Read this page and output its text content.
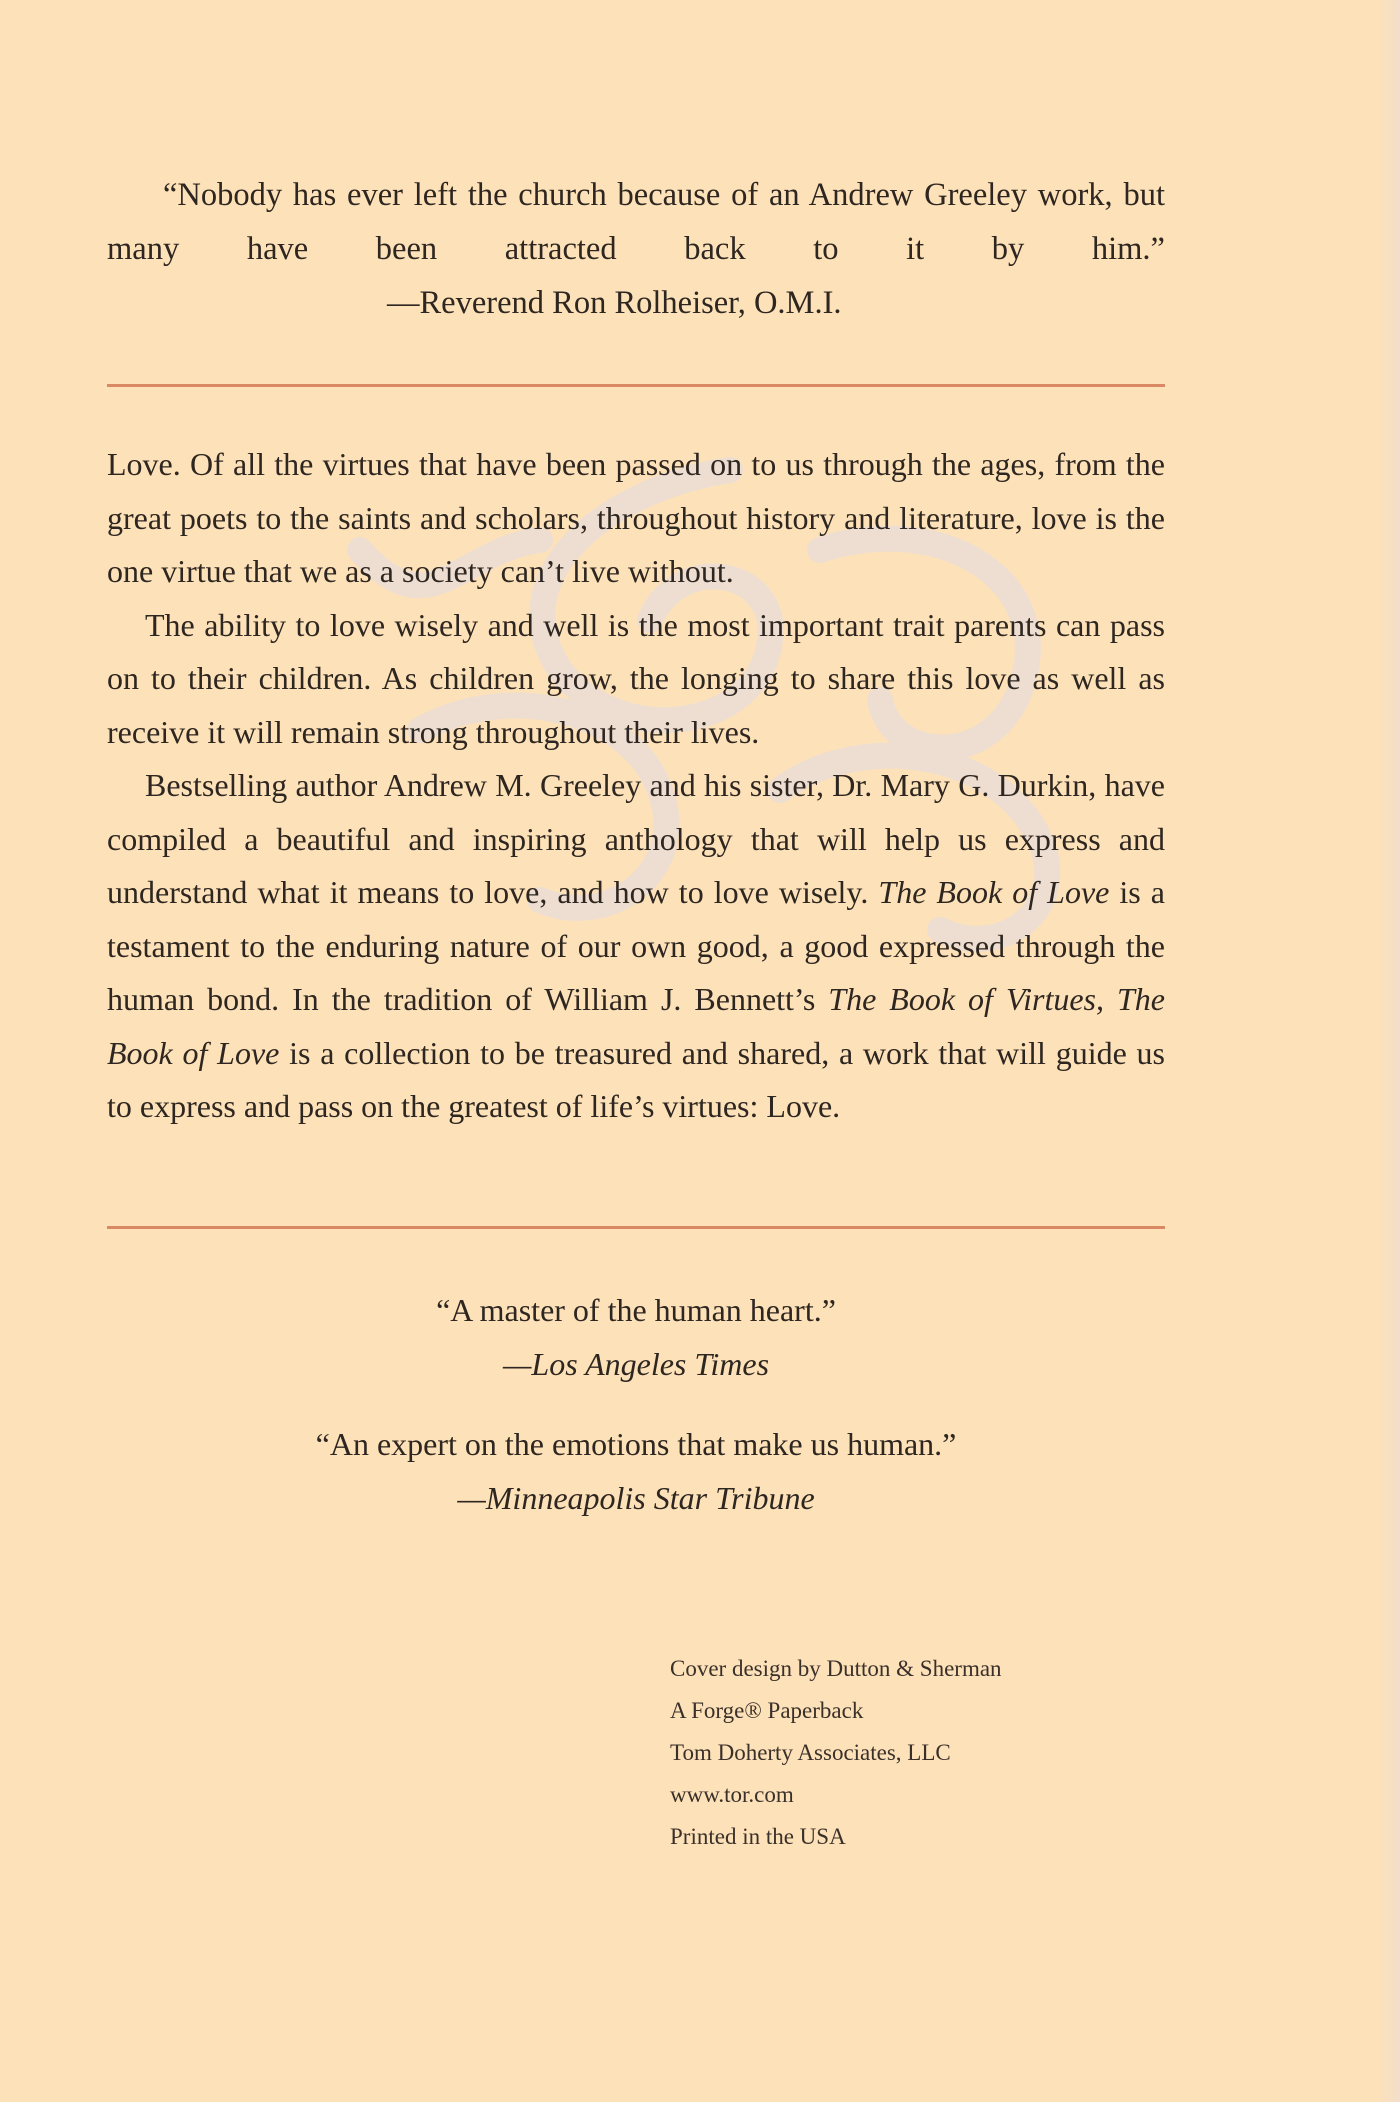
“Nobody has ever left the church because of an Andrew Greeley work, but many have been attracted back to it by him.”

—Reverend Ron Rolheiser, O.M.I.

Love. Of all the virtues that have been passed on to us through the ages, from the great poets to the saints and scholars, throughout history and literature, love is the one virtue that we as a society can’t live without.

The ability to love wisely and well is the most important trait parents can pass on to their children. As children grow, the longing to share this love as well as receive it will remain strong throughout their lives.

Bestselling author Andrew M. Greeley and his sister, Dr. Mary G. Durkin, have compiled a beautiful and inspiring anthology that will help us express and understand what it means to love, and how to love wisely. The Book of Love is a testament to the enduring nature of our own good, a good expressed through the human bond. In the tradition of William J. Bennett’s The Book of Virtues, The Book of Love is a collection to be treasured and shared, a work that will guide us to express and pass on the greatest of life’s virtues: Love.

“A master of the human heart.”

—Los Angeles Times

“An expert on the emotions that make us human.”

—Minneapolis Star Tribune

Cover design by Dutton & Sherman
A Forge® Paperback
Tom Doherty Associates, LLC
www.tor.com
Printed in the USA
